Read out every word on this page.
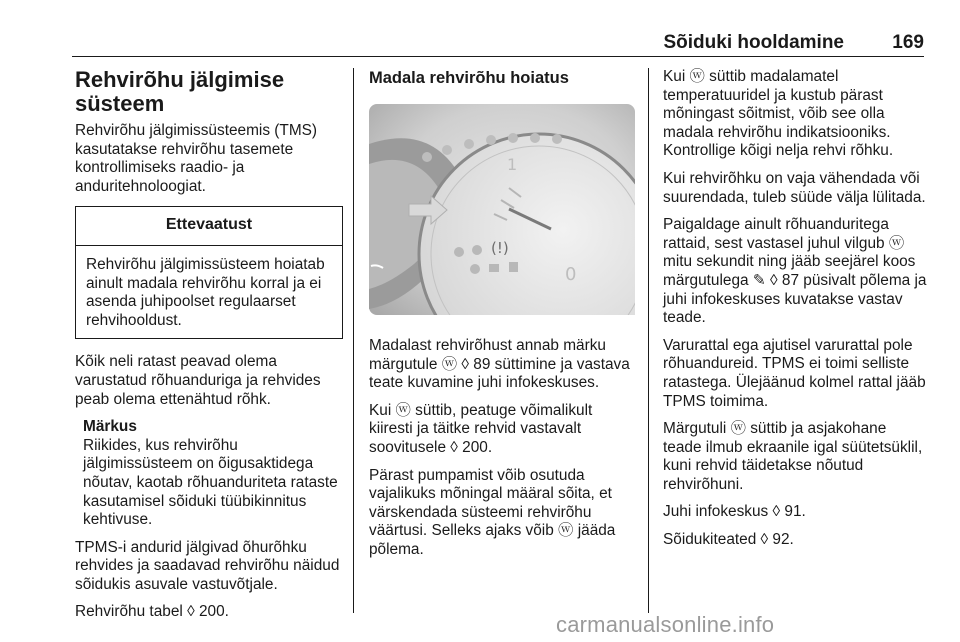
Sõiduki hooldamine	169
Rehvirõhu jälgimise süsteem

Rehvirõhu jälgimissüsteemis (TMS) kasutatakse rehvirõhu tasemete kontrollimiseks raadio- ja anduritehnoloogiat.

Ettevaatust
Rehvirõhu jälgimissüsteem hoiatab ainult madala rehvirõhu korral ja ei asenda juhipoolset regulaarset rehvihooldust.

Kõik neli ratast peavad olema varustatud rõhuanduriga ja rehvides peab olema ettenähtud rõhk.

Märkus
Riikides, kus rehvirõhu jälgimissüsteem on õigusaktidega nõutav, kaotab rõhuanduriteta rataste kasutamisel sõiduki tüübikinnitus kehtivuse.

TPMS-i andurid jälgivad õhurõhku rehvides ja saadavad rehvirõhu näidud sõidukis asuvale vastuvõtjale.

Rehvirõhu tabel ◊ 200.

Madala rehvirõhu hoiatus
1
0
(!)

Madalast rehvirõhust annab märku märgutule ⓦ ◊ 89 süttimine ja vastava teate kuvamine juhi infokeskuses.

Kui ⓦ süttib, peatuge võimalikult kiiresti ja täitke rehvid vastavalt soovitusele ◊ 200.

Pärast pumpamist võib osutuda vajalikuks mõningal määral sõita, et värskendada süsteemi rehvirõhu väärtusi. Selleks ajaks võib ⓦ jääda põlema.

Kui ⓦ süttib madalamatel temperatuuridel ja kustub pärast mõningast sõitmist, võib see olla madala rehvirõhu indikatsiooniks. Kontrollige kõigi nelja rehvi rõhku.

Kui rehvirõhku on vaja vähendada või suurendada, tuleb süüde välja lülitada.

Paigaldage ainult rõhuanduritega rattaid, sest vastasel juhul vilgub ⓦ mitu sekundit ning jääb seejärel koos märgutulega ✎ ◊ 87 püsivalt põlema ja juhi infokeskuses kuvatakse vastav teade.

Varurattal ega ajutisel varurattal pole rõhuandureid. TPMS ei toimi selliste ratastega. Ülejäänud kolmel rattal jääb TPMS toimima.

Märgutuli ⓦ süttib ja asjakohane teade ilmub ekraanile igal süütetsüklil, kuni rehvid täidetakse nõutud rehvirõhuni.

Juhi infokeskus ◊ 91.

Sõidukiteated ◊ 92.

carmanualsonline.info
